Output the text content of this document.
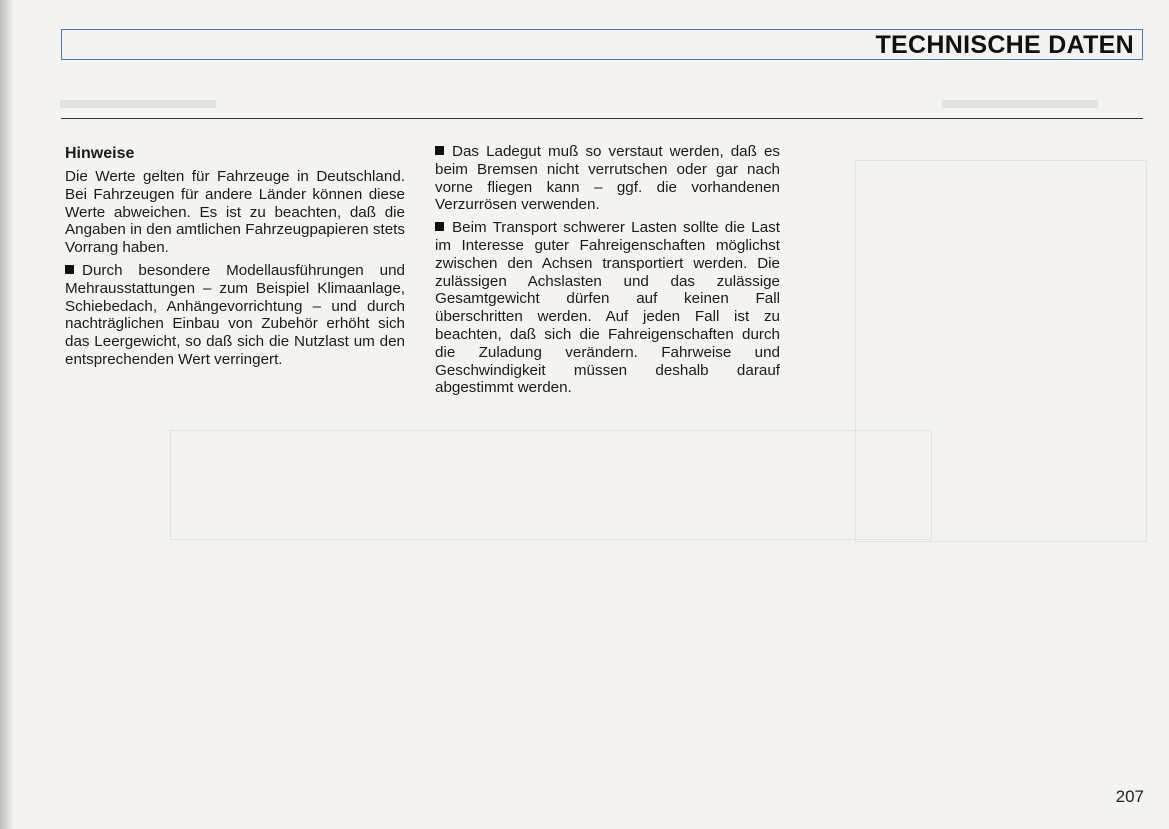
▬▬▬▬▬▬	▬▬▬▬▬▬
TECHNISCHE DATEN
Hinweise

Die Werte gelten für Fahrzeuge in Deutschland. Bei Fahrzeugen für andere Länder können diese Werte abweichen. Es ist zu beachten, daß die Angaben in den amtlichen Fahrzeugpapieren stets Vorrang haben.

Durch besondere Modellausführungen und Mehrausstattungen – zum Beispiel Klimaanlage, Schiebedach, Anhängevorrichtung – und durch nachträglichen Einbau von Zubehör erhöht sich das Leergewicht, so daß sich die Nutzlast um den entsprechenden Wert verringert.

Das Ladegut muß so verstaut werden, daß es beim Bremsen nicht verrutschen oder gar nach vorne fliegen kann – ggf. die vorhandenen Verzurrösen verwenden.

Beim Transport schwerer Lasten sollte die Last im Interesse guter Fahreigenschaften möglichst zwischen den Achsen transportiert werden. Die zulässigen Achslasten und das zulässige Gesamtgewicht dürfen auf keinen Fall überschritten werden. Auf jeden Fall ist zu beachten, daß sich die Fahreigenschaften durch die Zuladung verändern. Fahrweise und Geschwindigkeit müssen deshalb darauf abgestimmt werden.

207
